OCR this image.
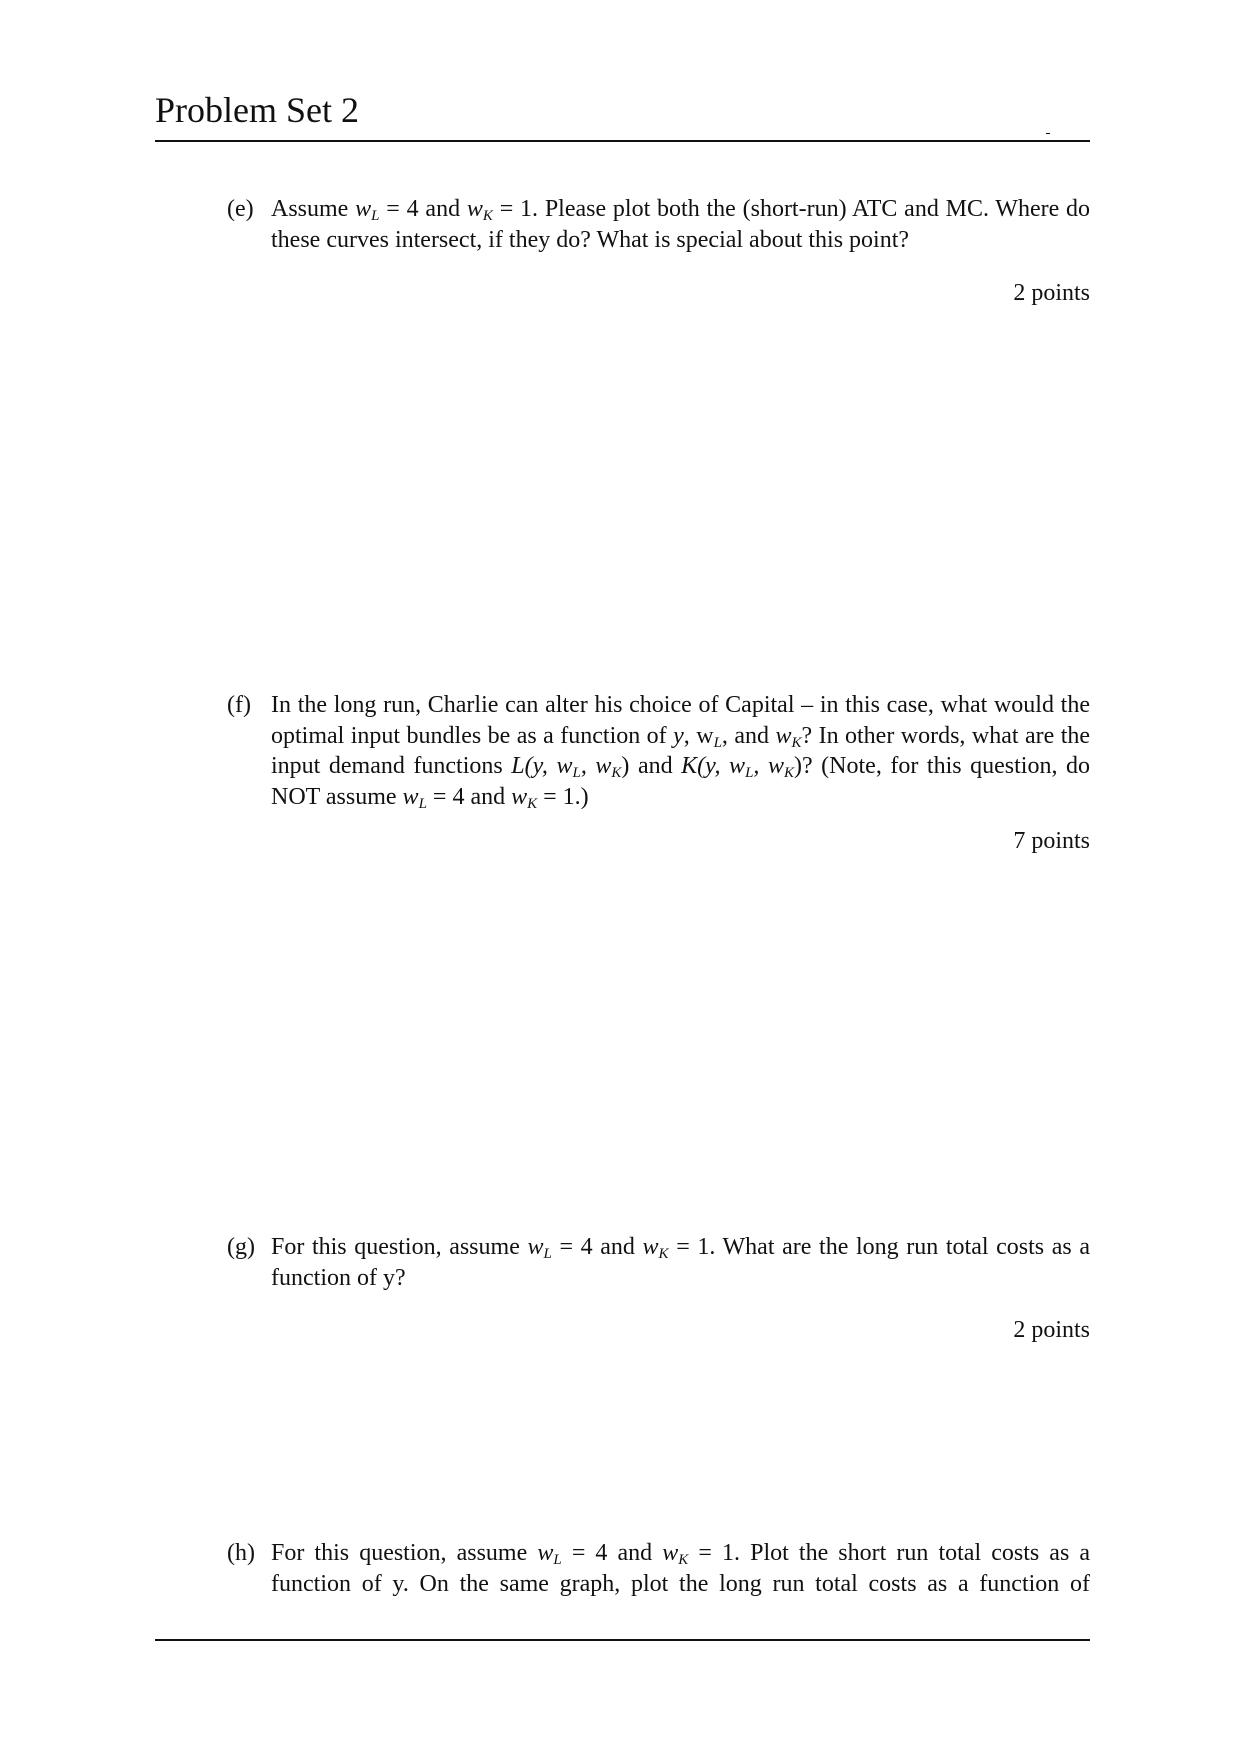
Problem Set 2
(e) Assume $w_L = 4$ and $w_K = 1$. Please plot both the (short-run) ATC and MC. Where do these curves intersect, if they do? What is special about this point?
2 points
(f) In the long run, Charlie can alter his choice of Capital – in this case, what would the optimal input bundles be as a function of y, $w_L$, and $w_K$? In other words, what are the input demand functions L(y, $w_L$, $w_K$) and K(y, $w_L$, $w_K$)? (Note, for this question, do NOT assume $w_L = 4$ and $w_K = 1$.)
7 points
(g) For this question, assume $w_L = 4$ and $w_K = 1$. What are the long run total costs as a function of y?
2 points
(h) For this question, assume $w_L = 4$ and $w_K = 1$. Plot the short run total costs as a function of y. On the same graph, plot the long run total costs as a function of
